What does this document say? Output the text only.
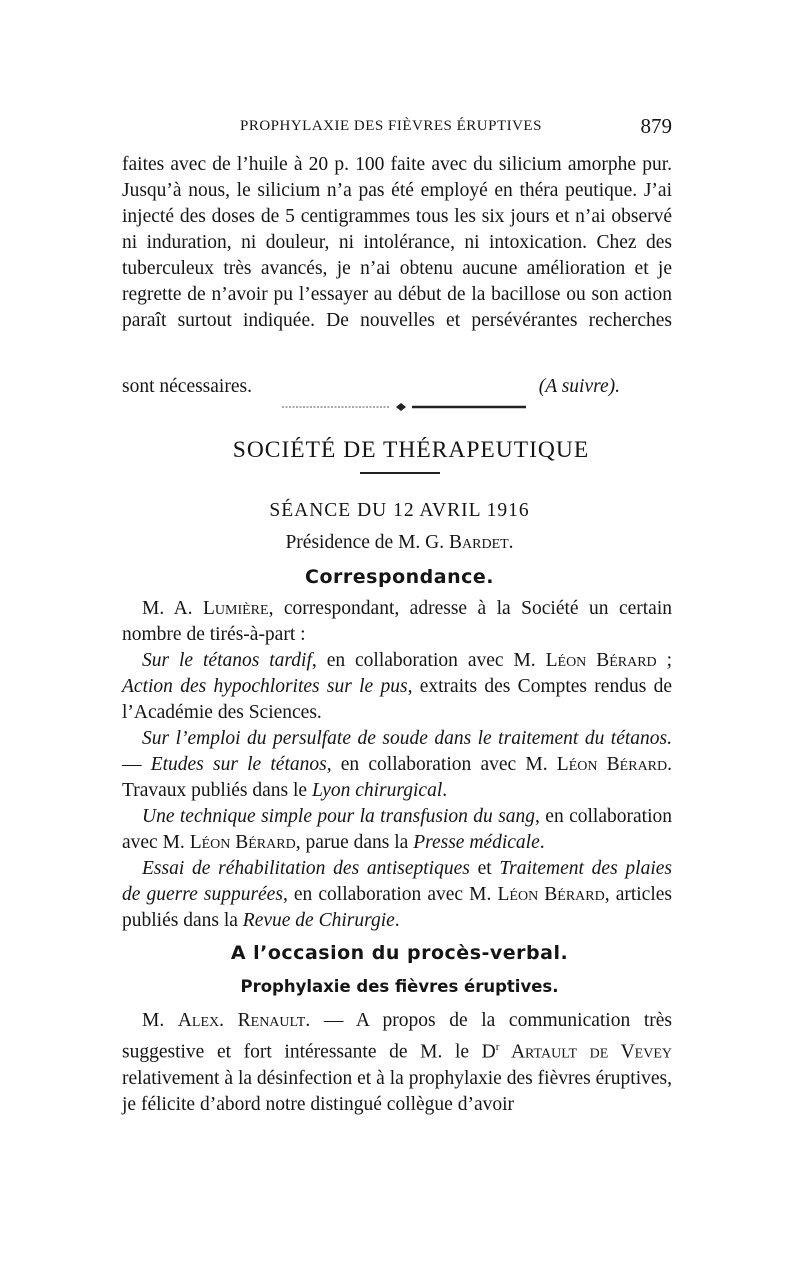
PROPHYLAXIE DES FIÈVRES ÉRUPTIVES	879
faites avec de l’huile à 20 p. 100 faite avec du silicium amorphe pur. Jusqu’à nous, le silicium n’a pas été employé en théra peutique. J’ai injecté des doses de 5 centigrammes tous les six jours et n’ai observé ni induration, ni douleur, ni intolérance, ni intoxication. Chez des tuberculeux très avancés, je n’ai obtenu aucune amélioration et je regrette de n’avoir pu l’essayer au début de la bacillose ou son action paraît surtout indiquée. De nouvelles et persévérantes recherches
sont nécessaires.	(A suivre).
SOCIÉTÉ DE THÉRAPEUTIQUE
SÉANCE DU 12 AVRIL 1916
Présidence de M. G. Bardet.
Correspondance.
M. A. Lumière, correspondant, adresse à la Société un certain nombre de tirés-à-part :
Sur le tétanos tardif, en collaboration avec M. Léon Bérard ; Action des hypochlorites sur le pus, extraits des Comptes rendus de l’Académie des Sciences.
Sur l’emploi du persulfate de soude dans le traitement du tétanos. — Etudes sur le tétanos, en collaboration avec M. Léon Bérard. Travaux publiés dans le Lyon chirurgical.
Une technique simple pour la transfusion du sang, en collaboration avec M. Léon Bérard, parue dans la Presse médicale.
Essai de réhabilitation des antiseptiques et Traitement des plaies de guerre suppurées, en collaboration avec M. Léon Bérard, articles publiés dans la Revue de Chirurgie.
A l’occasion du procès-verbal.
Prophylaxie des fièvres éruptives.
M. Alex. Renault. — A propos de la communication très suggestive et fort intéressante de M. le $D^r$ Artault de Vevey relativement à la désinfection et à la prophylaxie des fièvres éruptives, je félicite d’abord notre distingué collègue d’avoir
